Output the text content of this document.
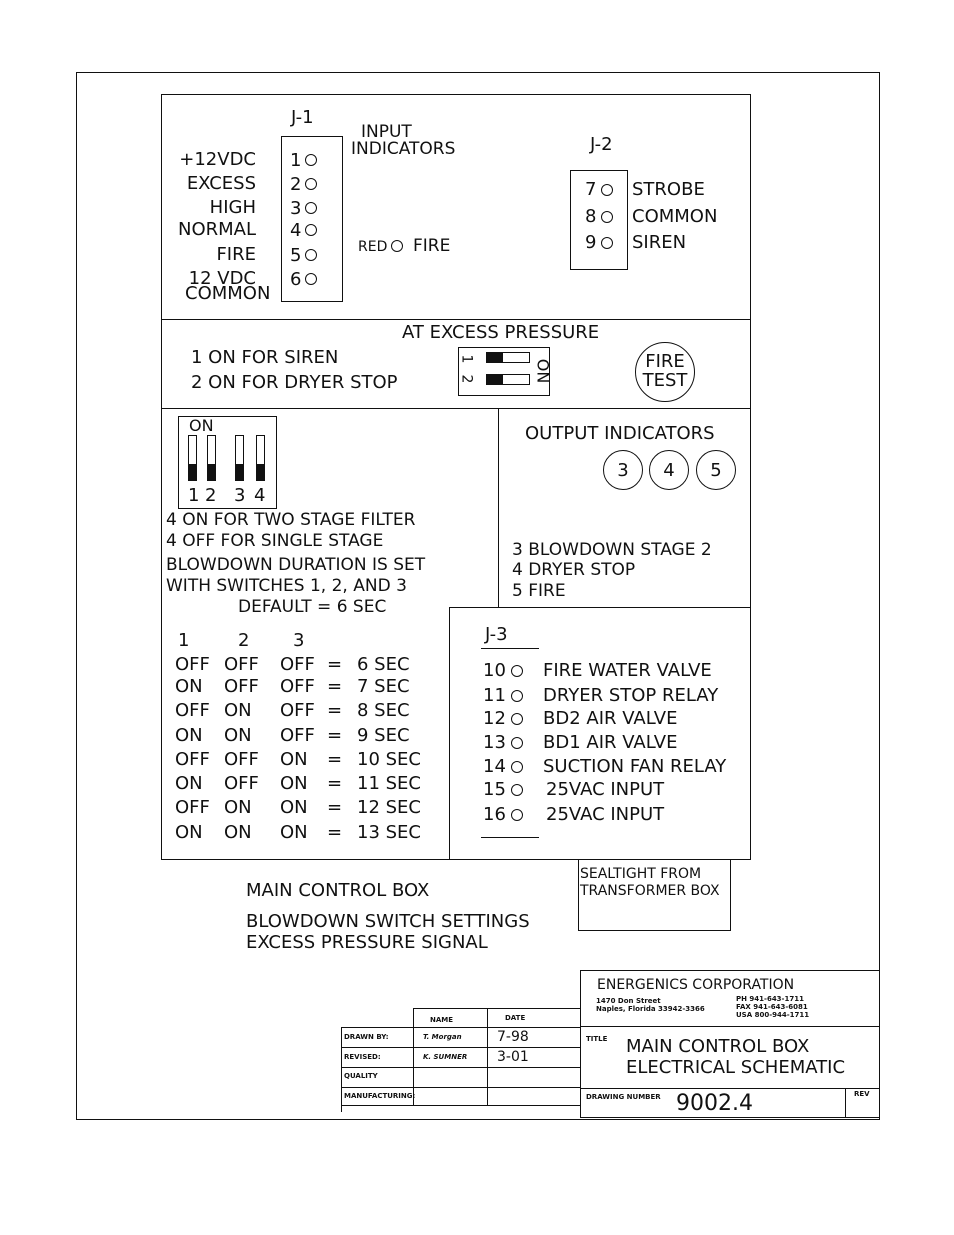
J-1
+12VDC 1
EXCESS 2
HIGH 3
NORMAL 4
FIRE 5
12 VDC 6
COMMON
INPUT
INDICATORS
RED FIRE
J-2
7 STROBE
8 COMMON
9 SIREN
AT EXCESS PRESSURE
1 ON FOR SIREN
2 ON FOR DRYER STOP
1
2	ON	FIRE
TEST
ON
1 2 3 4
4 ON FOR TWO STAGE FILTER
4 OFF FOR SINGLE STAGE
BLOWDOWN DURATION IS SET
WITH SWITCHES 1, 2, AND 3
DEFAULT = 6 SEC
1	2 3
OFF OFF OFF = 6 SEC
ON OFF OFF = 7 SEC
OFF ON OFF = 8 SEC
ON ON OFF = 9 SEC
OFF OFF ON = 10 SEC
ON OFF ON = 11 SEC
OFF ON ON = 12 SEC
ON ON ON = 13 SEC
OUTPUT INDICATORS
3 4 5
3 BLOWDOWN STAGE 2
4 DRYER STOP
5 FIRE
J-3
10 FIRE WATER VALVE
11 DRYER STOP RELAY
12 BD2 AIR VALVE
13 BD1 AIR VALVE
14 SUCTION FAN RELAY
15 25VAC INPUT
16 25VAC INPUT
SEALTIGHT FROM
TRANSFORMER BOX
MAIN CONTROL BOX
BLOWDOWN SWITCH SETTINGS
EXCESS PRESSURE SIGNAL
ENERGENICS CORPORATION
1470 Don Street
Naples, Florida 33942-3366
PH 941-643-1711
FAX 941-643-6081
USA 800-944-1711
TITLE MAIN CONTROL BOX
ELECTRICAL SCHEMATIC
DRAWING NUMBER 9002.4	REV
NAME	DATE
DRAWN BY:	T. Morgan	7-98
REVISED:	K. SUMNER 3-01
QUALITY
MANUFACTURING:
